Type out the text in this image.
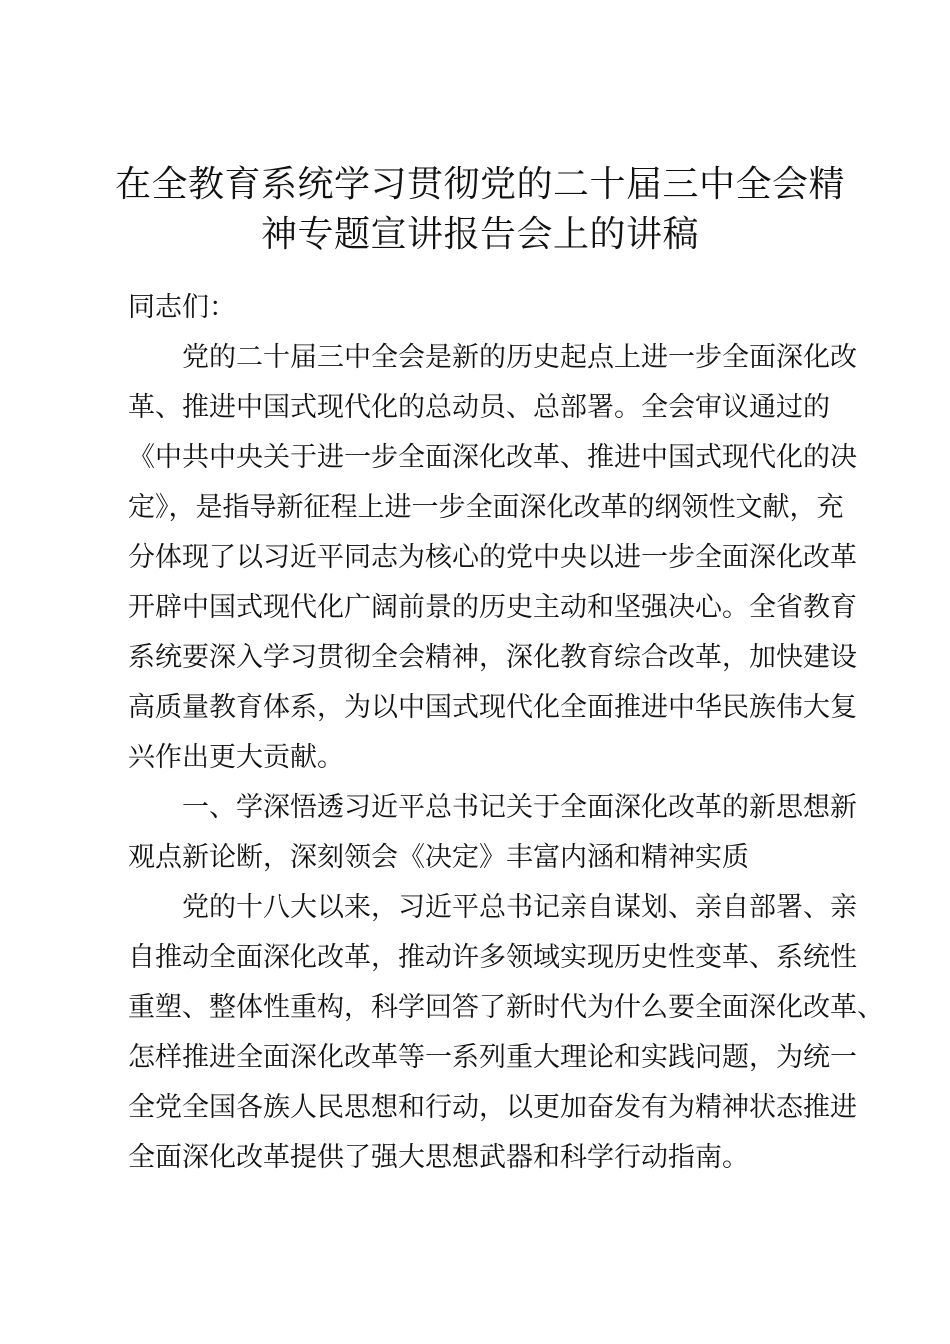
在全教育系统学习贯彻党的二十届三中全会精
神专题宣讲报告会上的讲稿

同志们：

党的二十届三中全会是新的历史起点上进一步全面深化改

革、推进中国式现代化的总动员、总部署。全会审议通过的

《中共中央关于进一步全面深化改革、推进中国式现代化的决

定》，是指导新征程上进一步全面深化改革的纲领性文献，充

分体现了以习近平同志为核心的党中央以进一步全面深化改革

开辟中国式现代化广阔前景的历史主动和坚强决心。全省教育

系统要深入学习贯彻全会精神，深化教育综合改革，加快建设

高质量教育体系，为以中国式现代化全面推进中华民族伟大复

兴作出更大贡献。

一、学深悟透习近平总书记关于全面深化改革的新思想新

观点新论断，深刻领会《决定》丰富内涵和精神实质

党的十八大以来，习近平总书记亲自谋划、亲自部署、亲

自推动全面深化改革，推动许多领域实现历史性变革、系统性

重塑、整体性重构，科学回答了新时代为什么要全面深化改革、

怎样推进全面深化改革等一系列重大理论和实践问题，为统一

全党全国各族人民思想和行动，以更加奋发有为精神状态推进

全面深化改革提供了强大思想武器和科学行动指南。
